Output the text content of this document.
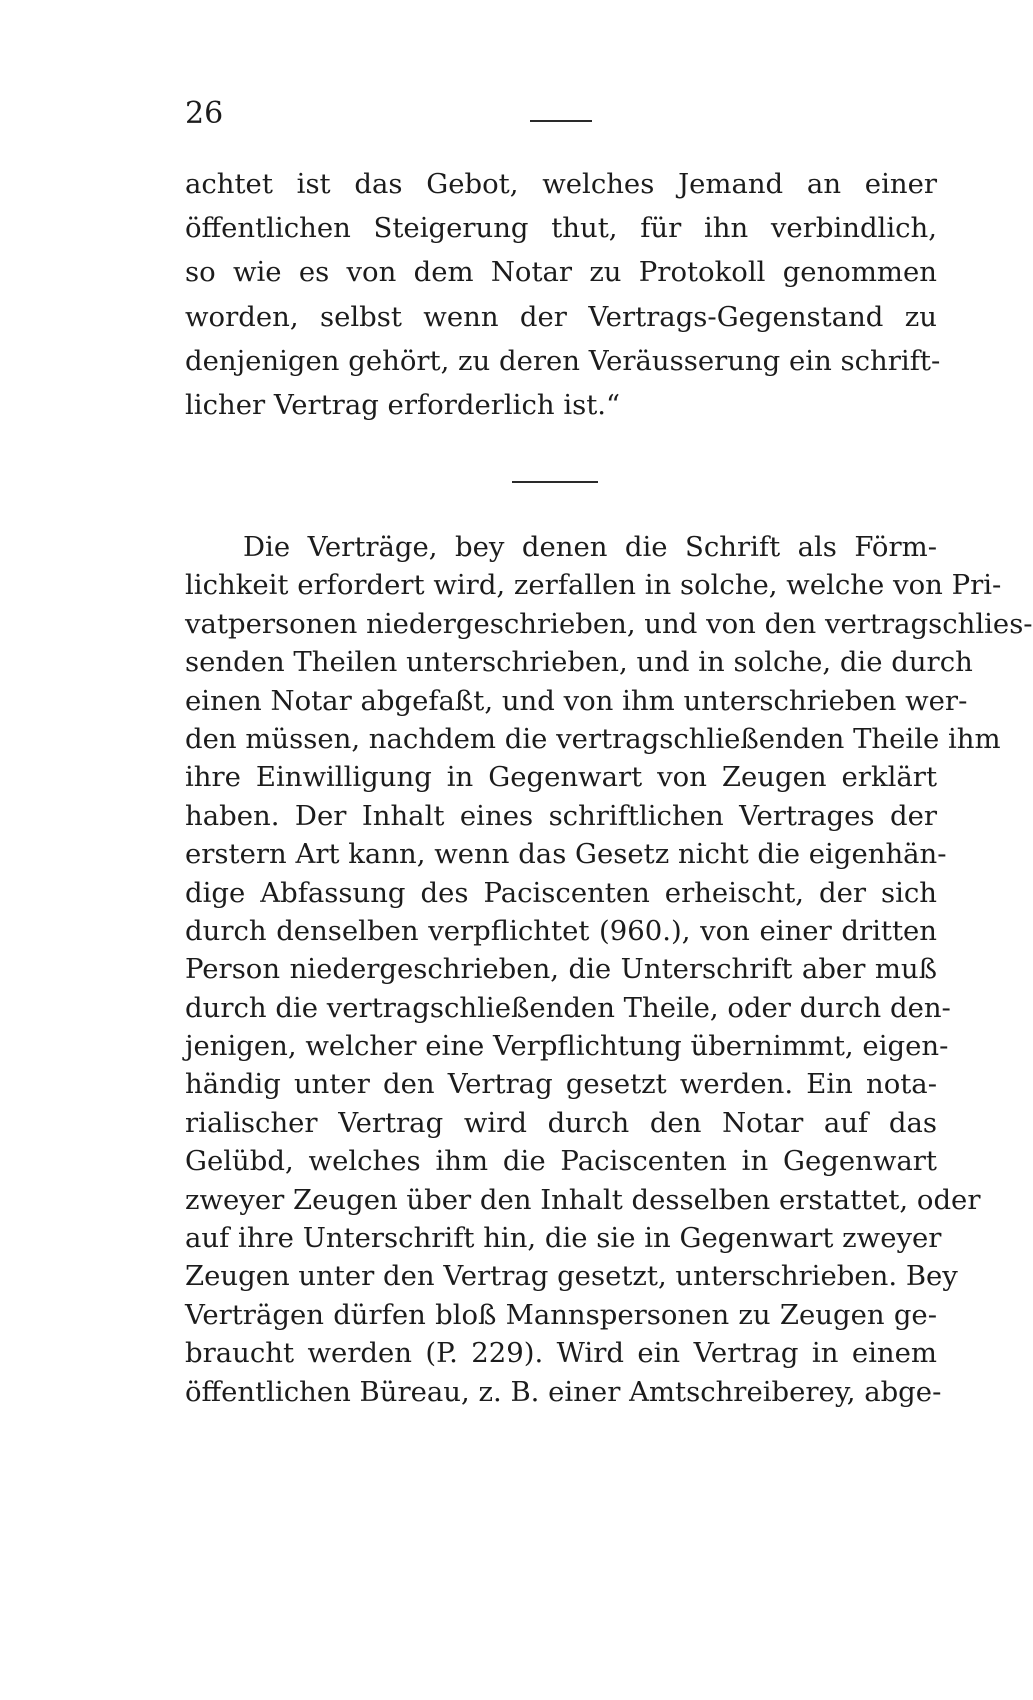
26
achtet ist das Gebot, welches Jemand an einer
öffentlichen Steigerung thut, für ihn verbindlich,
so wie es von dem Notar zu Protokoll genommen
worden, selbst wenn der Vertrags-Gegenstand zu
denjenigen gehört, zu deren Veräusserung ein schrift-
licher Vertrag erforderlich ist.“
Die Verträge, bey denen die Schrift als Förm-
lichkeit erfordert wird, zerfallen in solche, welche von Pri-
vatpersonen niedergeschrieben, und von den vertragschlies-
senden Theilen unterschrieben, und in solche, die durch
einen Notar abgefaßt, und von ihm unterschrieben wer-
den müssen, nachdem die vertragschließenden Theile ihm
ihre Einwilligung in Gegenwart von Zeugen erklärt
haben. Der Inhalt eines schriftlichen Vertrages der
erstern Art kann, wenn das Gesetz nicht die eigenhän-
dige Abfassung des Paciscenten erheischt, der sich
durch denselben verpflichtet (960.), von einer dritten
Person niedergeschrieben, die Unterschrift aber muß
durch die vertragschließenden Theile, oder durch den-
jenigen, welcher eine Verpflichtung übernimmt, eigen-
händig unter den Vertrag gesetzt werden. Ein nota-
rialischer Vertrag wird durch den Notar auf das
Gelübd, welches ihm die Paciscenten in Gegenwart
zweyer Zeugen über den Inhalt desselben erstattet, oder
auf ihre Unterschrift hin, die sie in Gegenwart zweyer
Zeugen unter den Vertrag gesetzt, unterschrieben. Bey
Verträgen dürfen bloß Mannspersonen zu Zeugen ge-
braucht werden (P. 229). Wird ein Vertrag in einem
öffentlichen Büreau, z. B. einer Amtschreiberey, abge-
